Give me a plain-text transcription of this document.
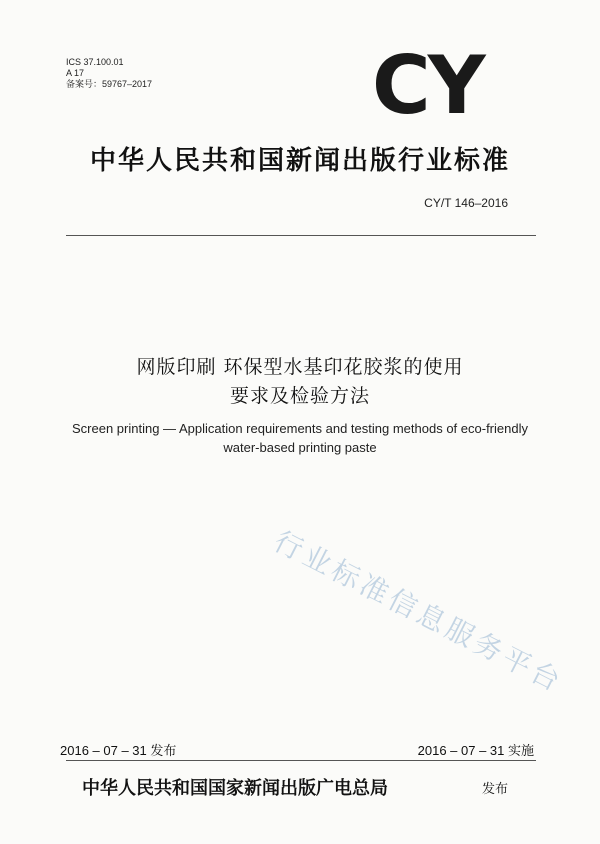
ICS 37.100.01
A 17
备案号：59767–2017	CY
中华人民共和国新闻出版行业标准
CY/T 146–2016
网版印刷 环保型水基印花胶浆的使用
要求及检验方法
Screen printing — Application requirements and testing methods of eco-friendly
water-based printing paste
行业标准信息服务平台
2016 – 07 – 31 发布	2016 – 07 – 31 实施
中华人民共和国国家新闻出版广电总局	发布
